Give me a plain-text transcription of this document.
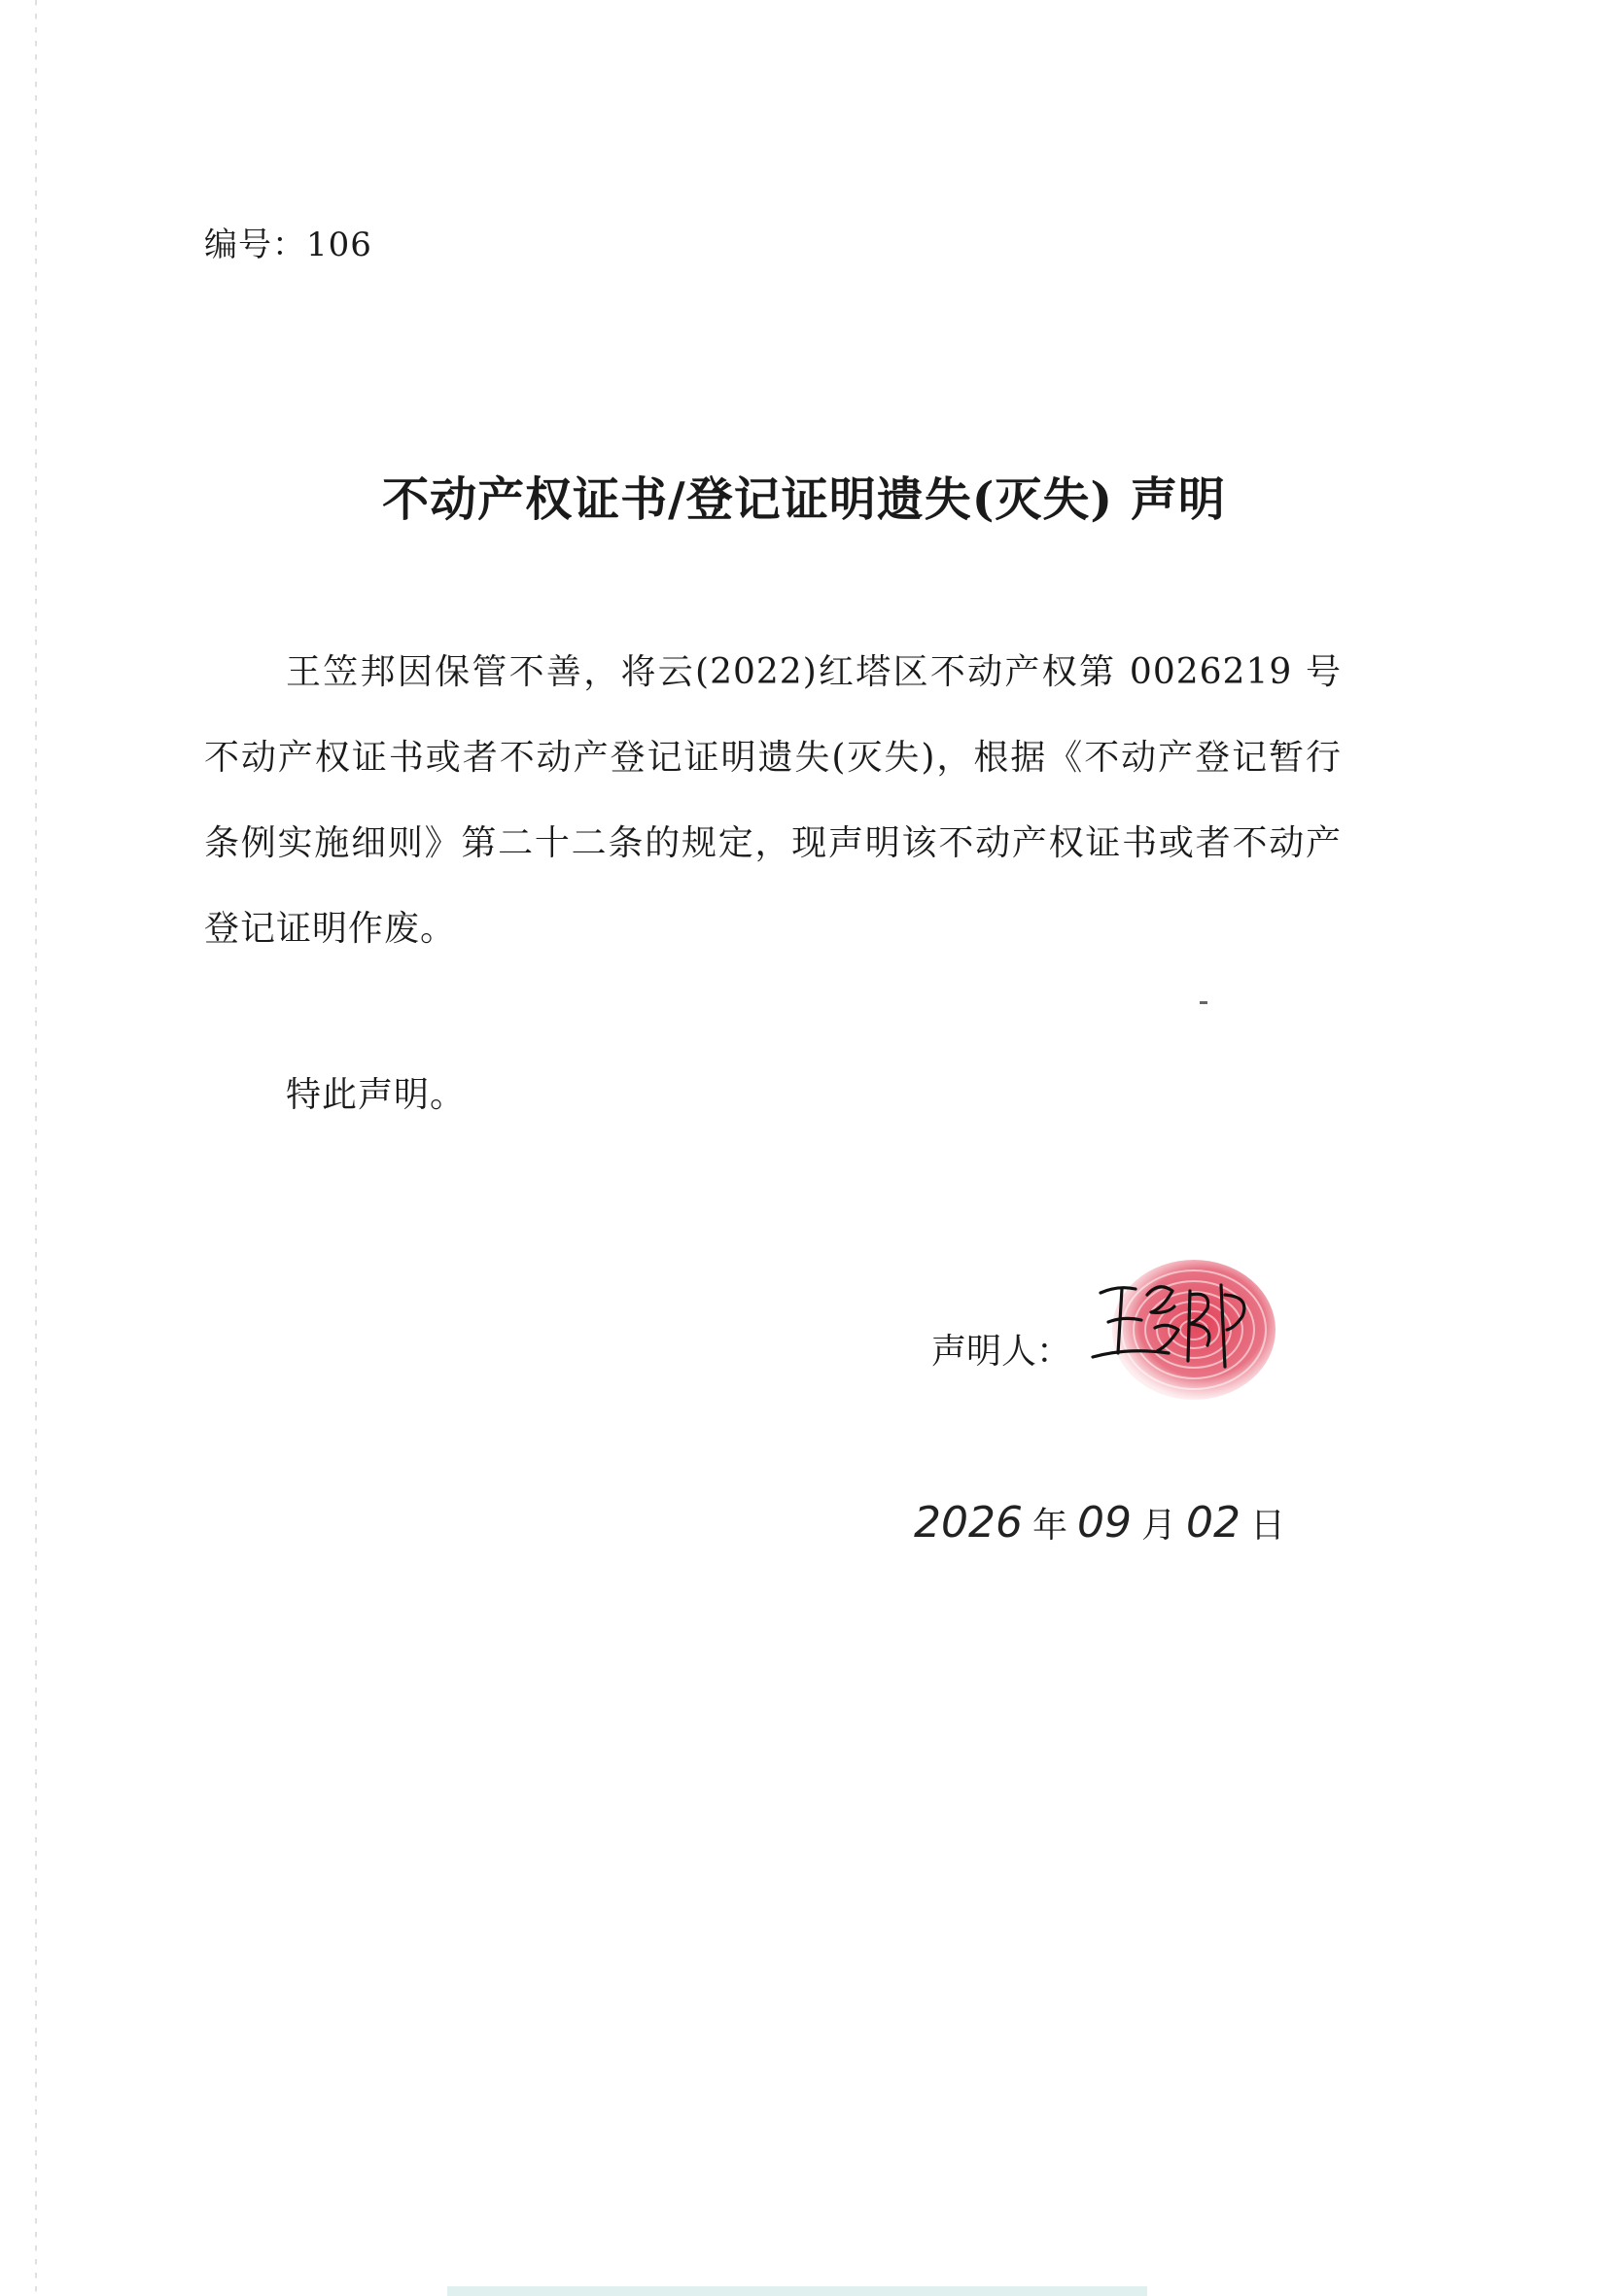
编号：106
不动产权证书/登记证明遗失(灭失) 声明
王笠邦因保管不善，将云(2022)红塔区不动产权第 0026219 号不动产权证书或者不动产登记证明遗失(灭失)，根据《不动产登记暂行条例实施细则》第二十二条的规定，现声明该不动产权证书或者不动产登记证明作废。
特此声明。
声明人：
2026 年 09 月 02 日
